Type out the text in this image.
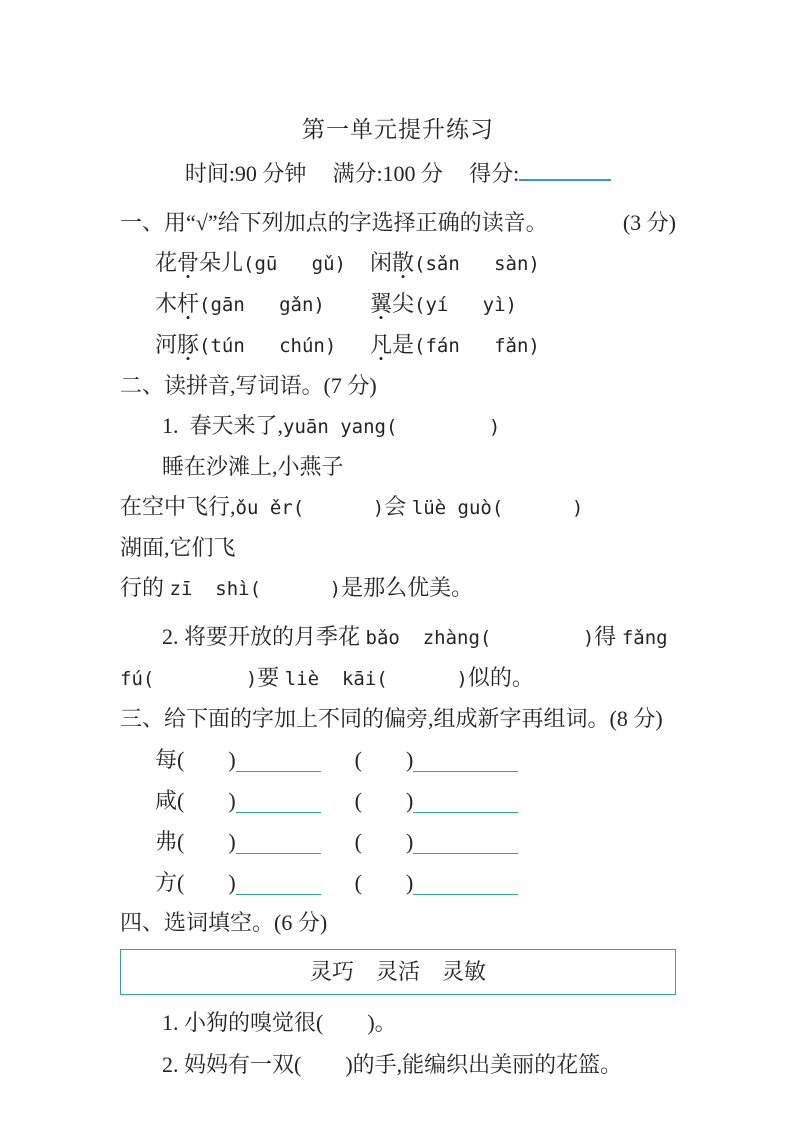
第一单元提升练习
时间:90 分钟 满分:100 分 得分:
一、用“√”给下列加点的字选择正确的读音。	(3 分)
花骨朵儿(gū   gǔ)	闲散(sǎn   sàn)
木杆(gān   gǎn)	翼尖(yí   yì)
河豚(tún   chún)	凡是(fán   fǎn)
二、读拼音,写词语。(7 分)
1.  春天来了,yuān yang(        )睡在沙滩上,小燕子
在空中飞行,ǒu ěr(      )会 lüè guò(      )湖面,它们飞
行的 zī  shì(      )是那么优美。
2. 将要开放的月季花 bǎo  zhàng(        )得 fǎng
fú(        )要 liè  kāi(      )似的。
三、给下面的字加上不同的偏旁,组成新字再组词。(8 分)
每(　　)	(　　)
咸(　　)	(　　)
弗(　　)	(　　)
方(　　)	(　　)
四、选词填空。(6 分)
灵巧　灵活　灵敏
1. 小狗的嗅觉很(　　)。
2. 妈妈有一双(　　)的手,能编织出美丽的花篮。
